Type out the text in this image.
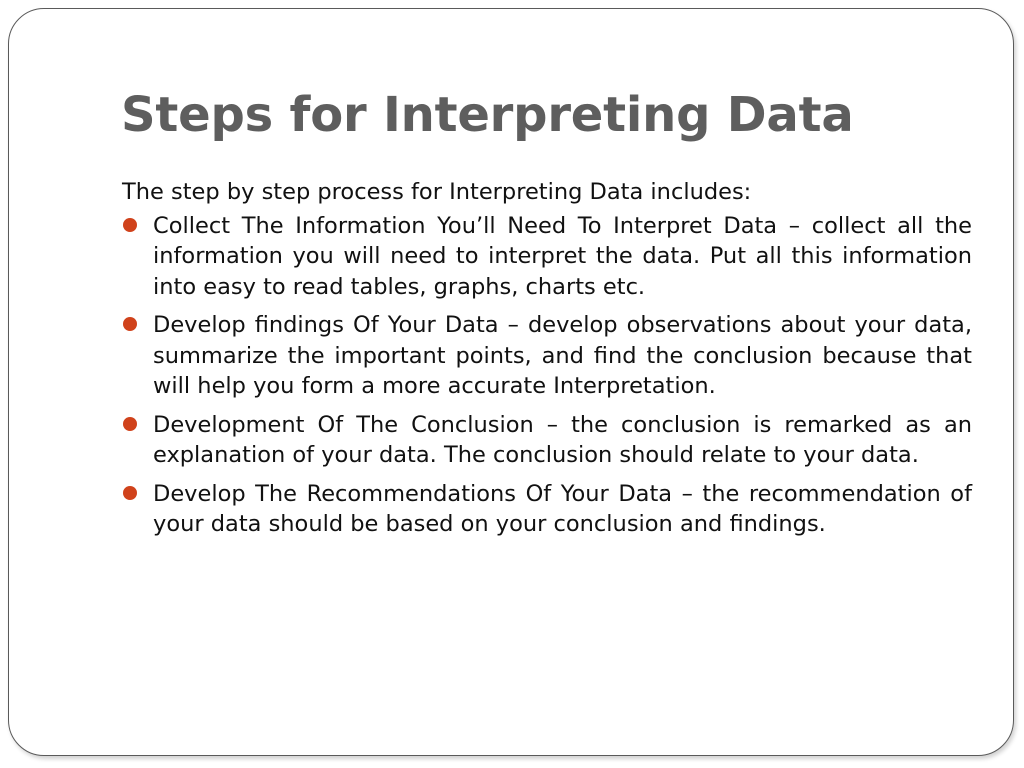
Steps for Interpreting Data

The step by step process for Interpreting Data includes:

Collect The Information You’ll Need To Interpret Data – collect all the information you will need to interpret the data. Put all this information into easy to read tables, graphs, charts etc.
Develop findings Of Your Data – develop observations about your data, summarize the important points, and find the conclusion because that will help you form a more accurate Interpretation.
Development Of The Conclusion – the conclusion is remarked as an explanation of your data. The conclusion should relate to your data.
Develop The Recommendations Of Your Data – the recommendation of your data should be based on your conclusion and findings.
